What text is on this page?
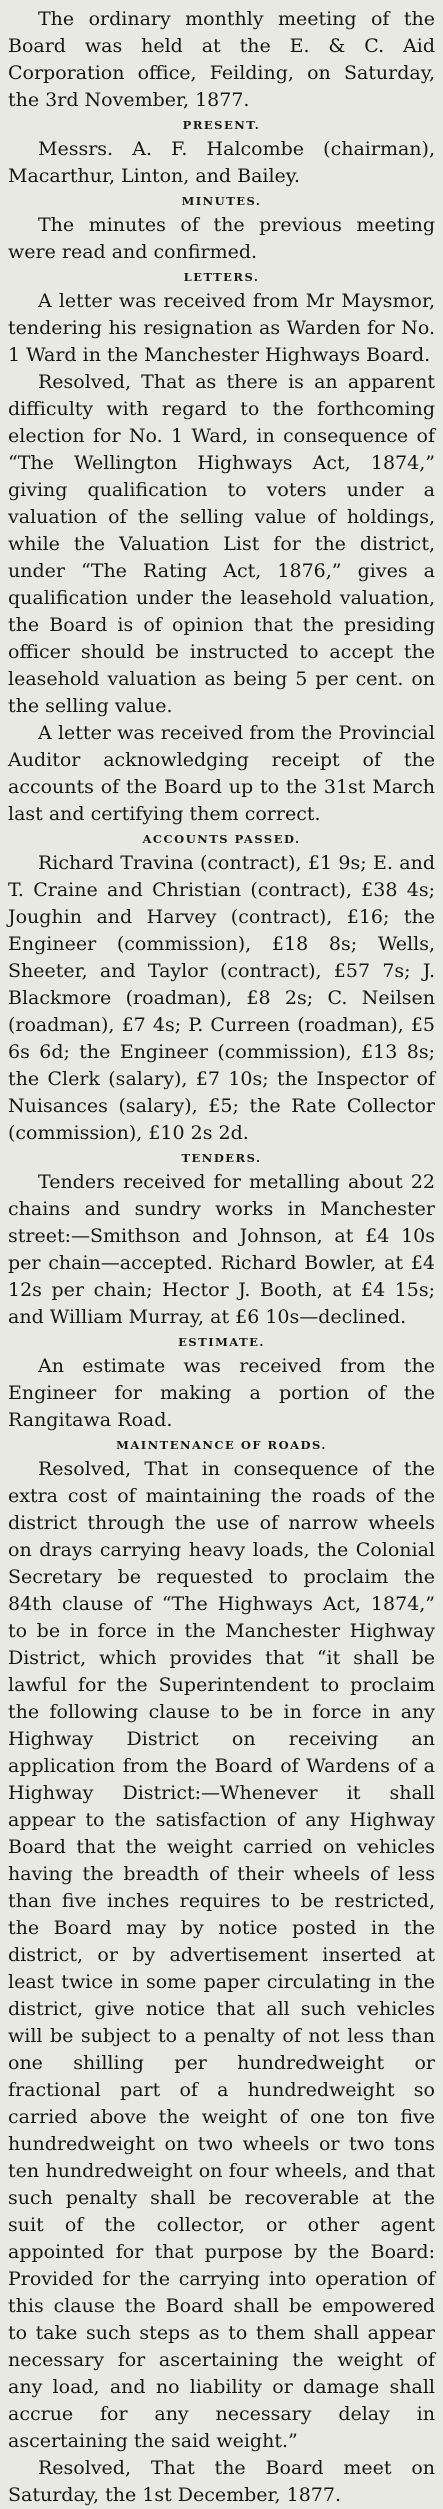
The ordinary monthly meeting of the Board was held at the E. & C. Aid Corporation office, Feilding, on Saturday, the 3rd November, 1877.

PRESENT.

Messrs. A. F. Halcombe (chairman), Macarthur, Linton, and Bailey.

MINUTES.

The minutes of the previous meeting were read and confirmed.

LETTERS.

A letter was received from Mr Maysmor, tendering his resignation as Warden for No. 1 Ward in the Manchester Highways Board.

Resolved, That as there is an apparent difficulty with regard to the forthcoming election for No. 1 Ward, in consequence of “The Wellington Highways Act, 1874,” giving qualification to voters under a valuation of the selling value of holdings, while the Valuation List for the district, under “The Rating Act, 1876,” gives a qualification under the leasehold valuation, the Board is of opinion that the presiding officer should be instructed to accept the leasehold valuation as being 5 per cent. on the selling value.

A letter was received from the Provincial Auditor acknowledging receipt of the accounts of the Board up to the 31st March last and certifying them correct.

ACCOUNTS PASSED.

Richard Travina (contract), £1 9s; E. and T. Craine and Christian (contract), £38 4s; Joughin and Harvey (contract), £16; the Engineer (commission), £18 8s; Wells, Sheeter, and Taylor (contract), £57 7s; J. Blackmore (roadman), £8 2s; C. Neilsen (roadman), £7 4s; P. Curreen (roadman), £5 6s 6d; the Engineer (commission), £13 8s; the Clerk (salary), £7 10s; the Inspector of Nuisances (salary), £5; the Rate Collector (commission), £10 2s 2d.

TENDERS.

Tenders received for metalling about 22 chains and sundry works in Manchester street:—Smithson and Johnson, at £4 10s per chain—accepted. Richard Bowler, at £4 12s per chain; Hector J. Booth, at £4 15s; and William Murray, at £6 10s—declined.

ESTIMATE.

An estimate was received from the Engineer for making a portion of the Rangitawa Road.

MAINTENANCE OF ROADS.

Resolved, That in consequence of the extra cost of maintaining the roads of the district through the use of narrow wheels on drays carrying heavy loads, the Colonial Secretary be requested to proclaim the 84th clause of “The Highways Act, 1874,” to be in force in the Manchester Highway District, which provides that “it shall be lawful for the Superintendent to proclaim the following clause to be in force in any Highway District on receiving an application from the Board of Wardens of a Highway District:—Whenever it shall appear to the satisfaction of any Highway Board that the weight carried on vehicles having the breadth of their wheels of less than five inches requires to be restricted, the Board may by notice posted in the district, or by advertisement inserted at least twice in some paper circulating in the district, give notice that all such vehicles will be subject to a penalty of not less than one shilling per hundredweight or fractional part of a hundredweight so carried above the weight of one ton five hundredweight on two wheels or two tons ten hundredweight on four wheels, and that such penalty shall be recoverable at the suit of the collector, or other agent appointed for that purpose by the Board: Provided for the carrying into operation of this clause the Board shall be empowered to take such steps as to them shall appear necessary for ascertaining the weight of any load, and no liability or damage shall accrue for any necessary delay in ascertaining the said weight.”

Resolved, That the Board meet on Saturday, the 1st December, 1877.
